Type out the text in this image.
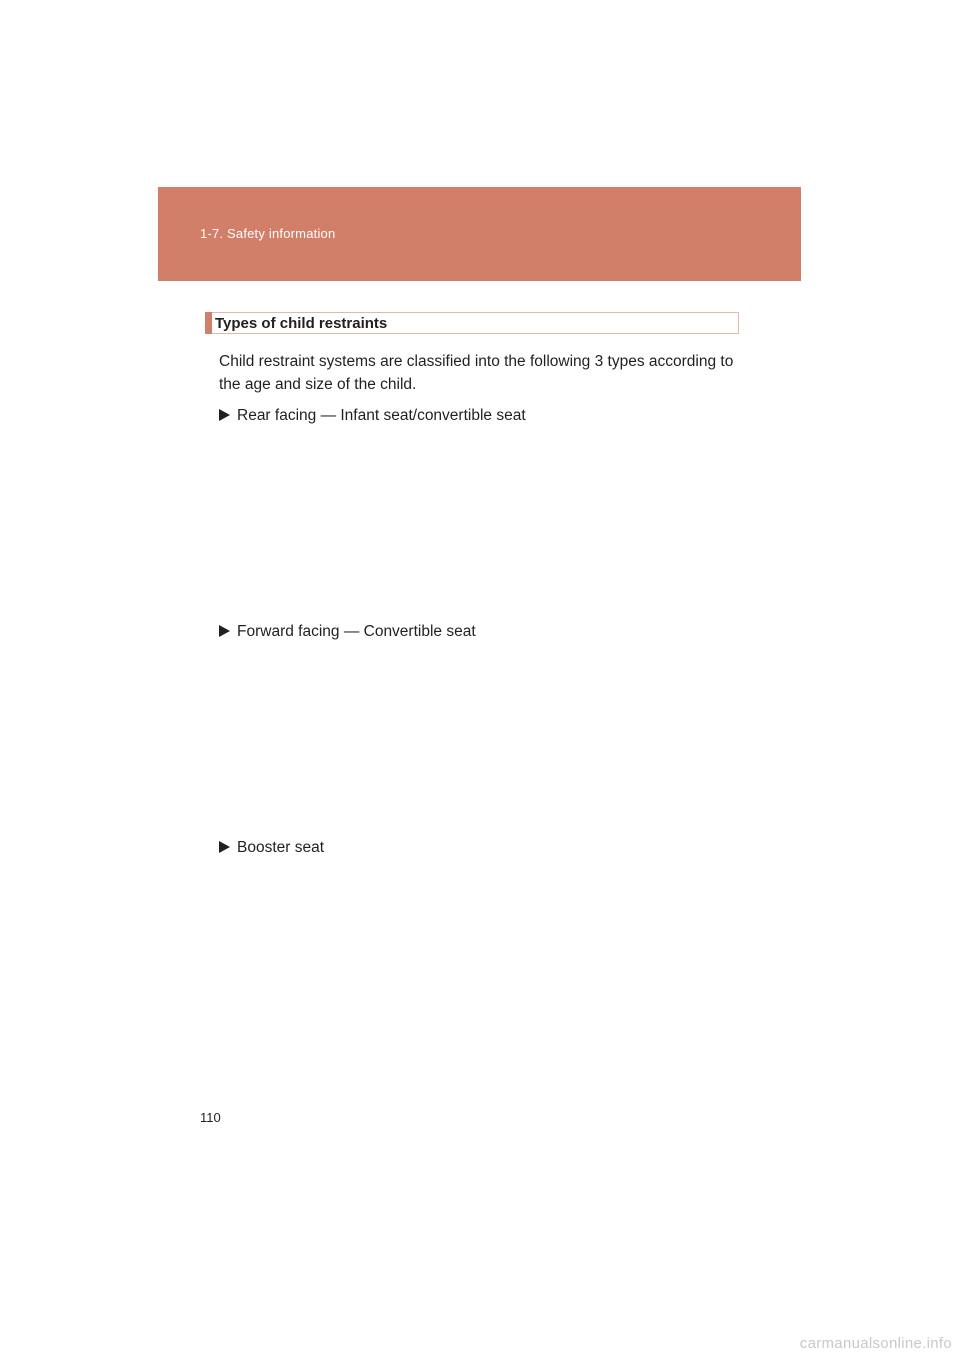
1-7. Safety information
Types of child restraints
Child restraint systems are classified into the following 3 types according to the age and size of the child.
Rear facing — Infant seat/convertible seat
Forward facing — Convertible seat
Booster seat
110
carmanualsonline.info
